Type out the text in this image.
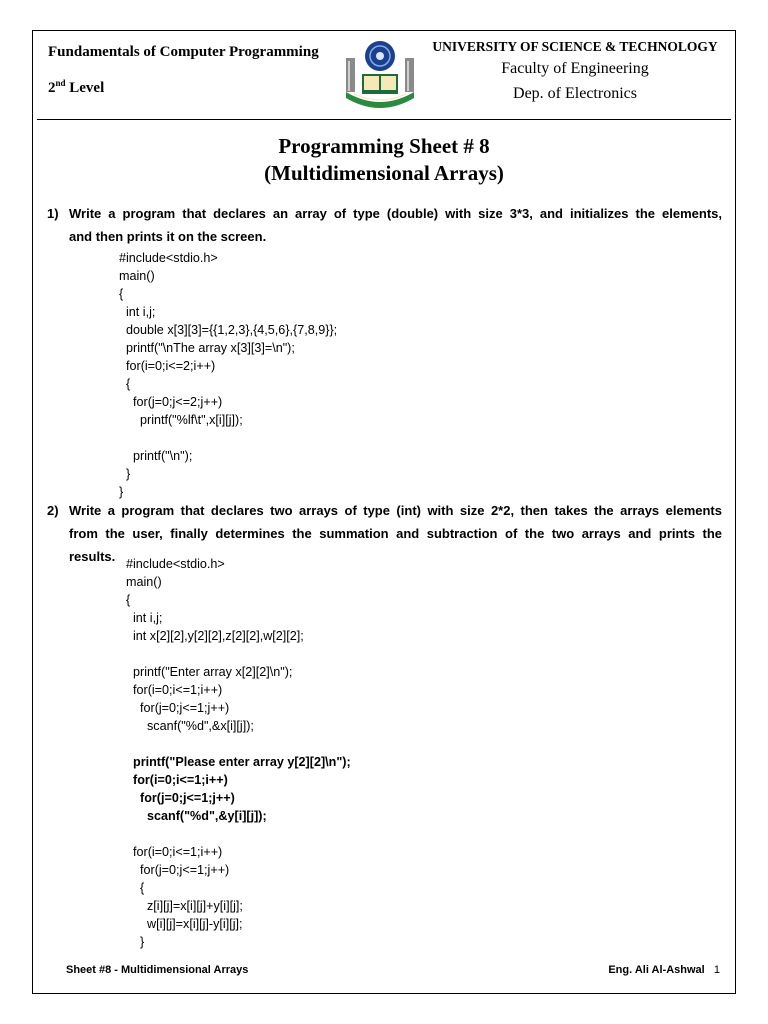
Fundamentals of Computer Programming
2nd Level
UNIVERSITY OF SCIENCE & TECHNOLOGY
Faculty of Engineering
Dep. of Electronics
Programming Sheet # 8
(Multidimensional Arrays)
1) Write a program that declares an array of type (double) with size 3*3, and initializes the elements,
and then prints it on the screen.
#include<stdio.h>
main()
{
int i,j;
double x[3][3]={{1,2,3},{4,5,6},{7,8,9}};
printf("\nThe array x[3][3]=\n");
for(i=0;i<=2;i++)
{
for(j=0;j<=2;j++)
printf("%lf\t",x[i][j]);
printf("\n");
}
}
2) Write a program that declares two arrays of type (int) with size 2*2, then takes the arrays elements
from the user, finally determines the summation and subtraction of the two arrays and prints the
results. #include<stdio.h>
main()
{
int i,j;
int x[2][2],y[2][2],z[2][2],w[2][2];
printf("Enter array x[2][2]\n");
for(i=0;i<=1;i++)
for(j=0;j<=1;j++)
scanf("%d",&x[i][j]);
printf("Please enter array y[2][2]\n");
for(i=0;i<=1;i++)
for(j=0;j<=1;j++)
scanf("%d",&y[i][j]);
for(i=0;i<=1;i++)
for(j=0;j<=1;j++)
{
z[i][j]=x[i][j]+y[i][j];
w[i][j]=x[i][j]-y[i][j];
}
Sheet #8 - Multidimensional Arrays	Eng. Ali Al-Ashwal 1
